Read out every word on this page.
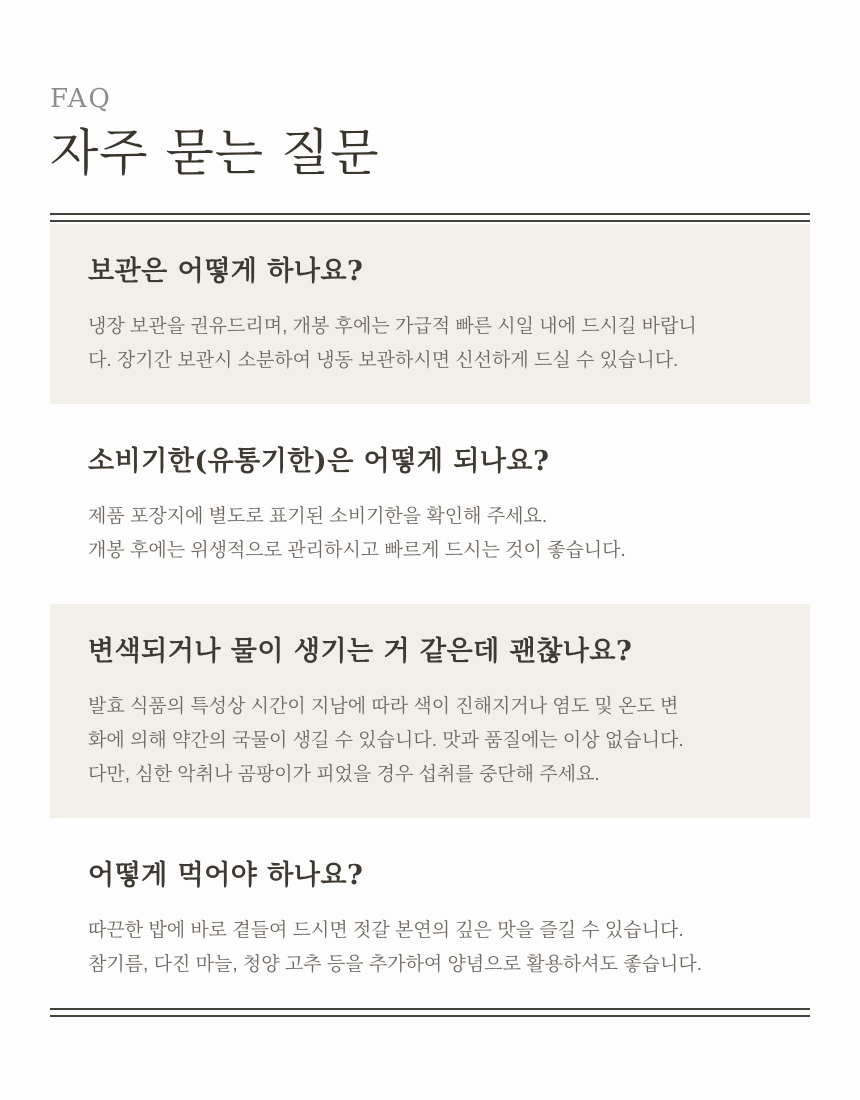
FAQ
자주 묻는 질문
보관은 어떻게 하나요?
냉장 보관을 권유드리며, 개봉 후에는 가급적 빠른 시일 내에 드시길 바랍니
다. 장기간 보관시 소분하여 냉동 보관하시면 신선하게 드실 수 있습니다.
소비기한(유통기한)은 어떻게 되나요?
제품 포장지에 별도로 표기된 소비기한을 확인해 주세요.
개봉 후에는 위생적으로 관리하시고 빠르게 드시는 것이 좋습니다.
변색되거나 물이 생기는 거 같은데 괜찮나요?
발효 식품의 특성상 시간이 지남에 따라 색이 진해지거나 염도 및 온도 변
화에 의해 약간의 국물이 생길 수 있습니다. 맛과 품질에는 이상 없습니다.
다만, 심한 악취나 곰팡이가 피었을 경우 섭취를 중단해 주세요.
어떻게 먹어야 하나요?
따끈한 밥에 바로 곁들여 드시면 젓갈 본연의 깊은 맛을 즐길 수 있습니다.
참기름, 다진 마늘, 청양 고추 등을 추가하여 양념으로 활용하셔도 좋습니다.
